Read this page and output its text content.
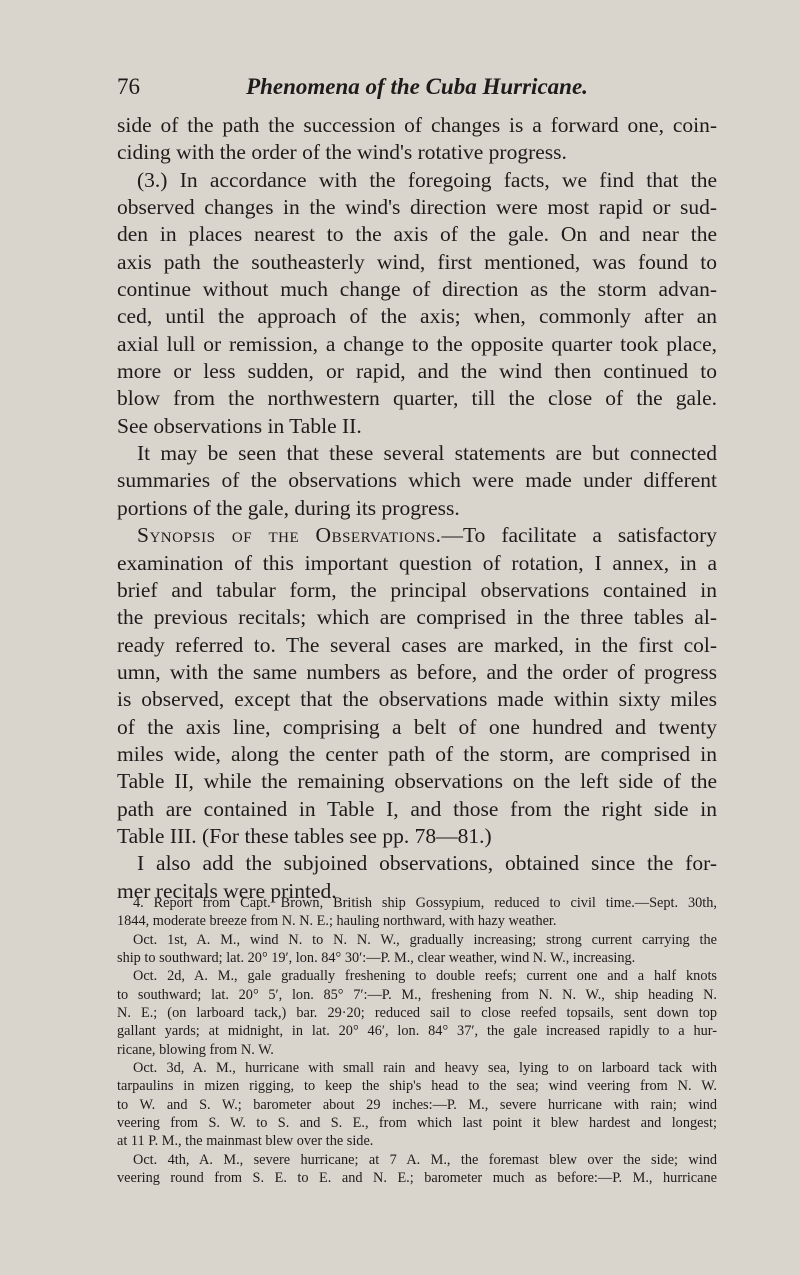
76	Phenomena of the Cuba Hurricane.
side of the path the succession of changes is a forward one, coin-
ciding with the order of the wind's rotative progress.
(3.) In accordance with the foregoing facts, we find that the
observed changes in the wind's direction were most rapid or sud-
den in places nearest to the axis of the gale. On and near the
axis path the southeasterly wind, first mentioned, was found to
continue without much change of direction as the storm advan-
ced, until the approach of the axis; when, commonly after an
axial lull or remission, a change to the opposite quarter took place,
more or less sudden, or rapid, and the wind then continued to
blow from the northwestern quarter, till the close of the gale.
See observations in Table II.
It may be seen that these several statements are but connected
summaries of the observations which were made under different
portions of the gale, during its progress.
Synopsis of the Observations.—To facilitate a satisfactory
examination of this important question of rotation, I annex, in a
brief and tabular form, the principal observations contained in
the previous recitals; which are comprised in the three tables al-
ready referred to. The several cases are marked, in the first col-
umn, with the same numbers as before, and the order of progress
is observed, except that the observations made within sixty miles
of the axis line, comprising a belt of one hundred and twenty
miles wide, along the center path of the storm, are comprised in
Table II, while the remaining observations on the left side of the
path are contained in Table I, and those from the right side in
Table III. (For these tables see pp. 78—81.)
I also add the subjoined observations, obtained since the for-
mer recitals were printed.
4. Report from Capt. Brown, British ship Gossypium, reduced to civil time.—Sept. 30th,
1844, moderate breeze from N. N. E.; hauling northward, with hazy weather.
Oct. 1st, A. M., wind N. to N. N. W., gradually increasing; strong current carrying the
ship to southward; lat. 20° 19′, lon. 84° 30′:—P. M., clear weather, wind N. W., increasing.
Oct. 2d, A. M., gale gradually freshening to double reefs; current one and a half knots
to southward; lat. 20° 5′, lon. 85° 7′:—P. M., freshening from N. N. W., ship heading N.
N. E.; (on larboard tack,) bar. 29·20; reduced sail to close reefed topsails, sent down top
gallant yards; at midnight, in lat. 20° 46′, lon. 84° 37′, the gale increased rapidly to a hur-
ricane, blowing from N. W.
Oct. 3d, A. M., hurricane with small rain and heavy sea, lying to on larboard tack with
tarpaulins in mizen rigging, to keep the ship's head to the sea; wind veering from N. W.
to W. and S. W.; barometer about 29 inches:—P. M., severe hurricane with rain; wind
veering from S. W. to S. and S. E., from which last point it blew hardest and longest;
at 11 P. M., the mainmast blew over the side.
Oct. 4th, A. M., severe hurricane; at 7 A. M., the foremast blew over the side; wind
veering round from S. E. to E. and N. E.; barometer much as before:—P. M., hurricane
